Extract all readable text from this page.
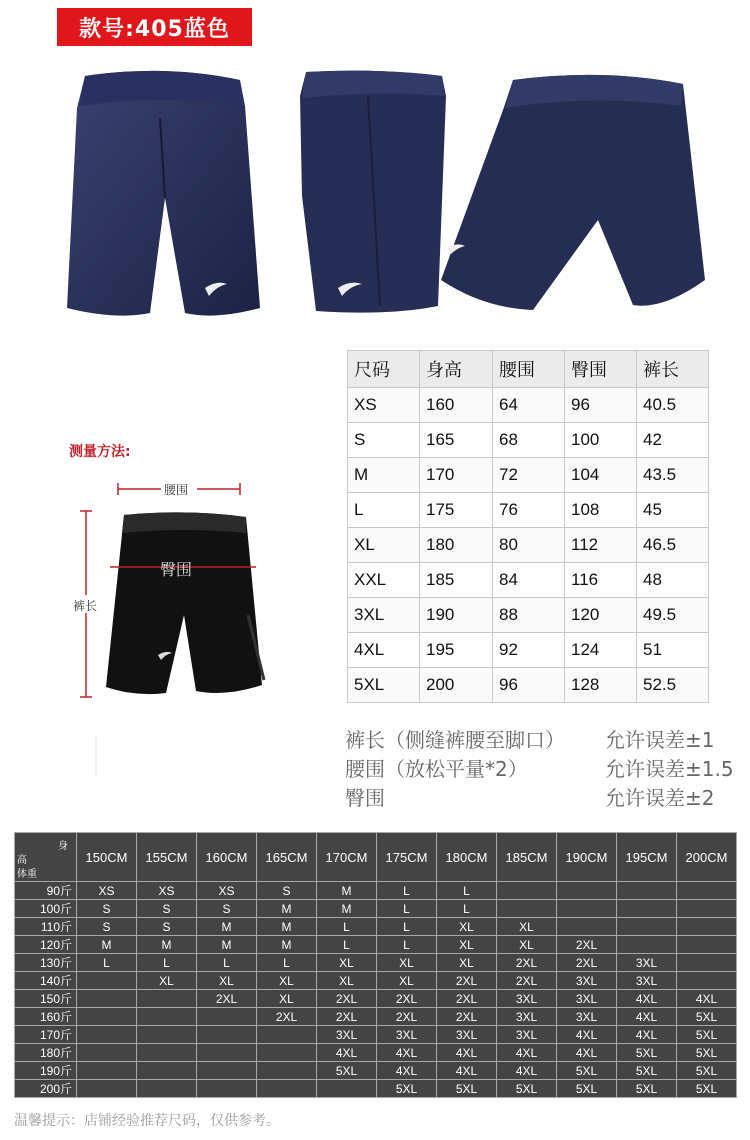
款号:405蓝色
尺码	身高	腰围	臀围	裤长
XS	160	64	96	40.5
S	165	68	100	42
M	170	72	104	43.5
L	175	76	108	45
XL	180	80	112	46.5
XXL	185	84	116	48
3XL	190	88	120	49.5
4XL	195	92	124	51
5XL	200	96	128	52.5
测量方法:
腰围
臀围
裤长
裤长（侧缝裤腰至脚口）	允许误差±1
腰围（放松平量*2）	允许误差±1.5
臀围	允许误差±2
身
高
体重	150CM	155CM	160CM	165CM	170CM	175CM	180CM	185CM	190CM	195CM	200CM
90斤	XS	XS	XS	S	M	L	L				
100斤	S	S	S	M	M	L	L				
110斤	S	S	M	M	L	L	XL	XL			
120斤	M	M	M	M	L	L	XL	XL	2XL		
130斤	L	L	L	L	XL	XL	XL	2XL	2XL	3XL	
140斤		XL	XL	XL	XL	XL	2XL	2XL	3XL	3XL	
150斤			2XL	XL	2XL	2XL	2XL	3XL	3XL	4XL	4XL
160斤				2XL	2XL	2XL	2XL	3XL	3XL	4XL	5XL
170斤					3XL	3XL	3XL	3XL	4XL	4XL	5XL
180斤					4XL	4XL	4XL	4XL	4XL	5XL	5XL
190斤					5XL	4XL	4XL	4XL	5XL	5XL	5XL
200斤						5XL	5XL	5XL	5XL	5XL	5XL
温馨提示：店铺经验推荐尺码，仅供参考。
